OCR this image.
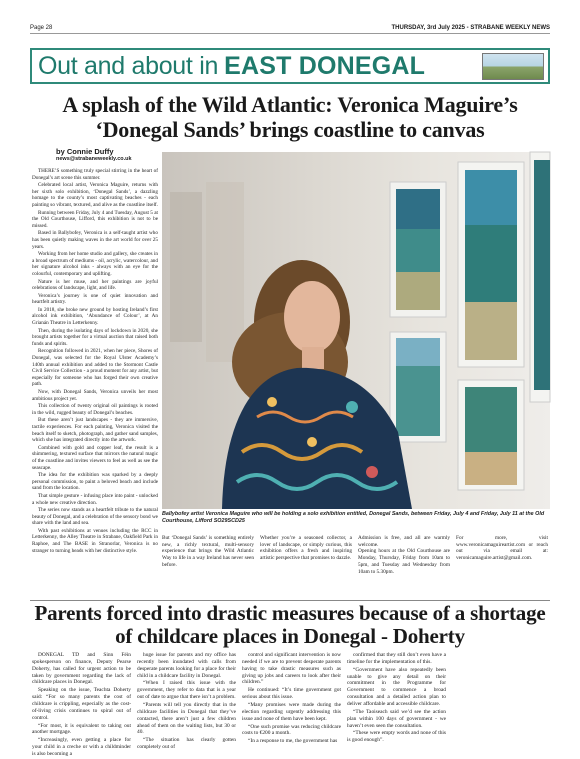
Page 28	THURSDAY, 3rd July 2025 - STRABANE WEEKLY NEWS
Out and about in EAST DONEGAL
A splash of the Wild Atlantic: Veronica Maguire’s ‘Donegal Sands’ brings coastline to canvas
by Connie Duffy
news@strabaneweekly.co.uk

THERE’S something truly special stirring in the heart of Donegal’s art scene this summer.

Celebrated local artist, Veronica Maguire, returns with her sixth solo exhibition, ‘Donegal Sands’, a dazzling homage to the county’s most captivating beaches - each painting so vibrant, textured, and alive as the coastline itself.

Running between Friday, July 4 and Tuesday, August 5 at the Old Courthouse, Lifford, this exhibition is not to be missed.

Based in Ballybofey, Veronica is a self-taught artist who has been quietly making waves in the art world for over 25 years.

Working from her home studio and gallery, she creates in a broad spectrum of mediums - oil, acrylic, watercolour, and her signature alcohol inks - always with an eye for the colourful, contemporary and uplifting.

Nature is her muse, and her paintings are joyful celebrations of landscape, light, and life.

Veronica’s journey is one of quiet innovation and heartfelt artistry.

In 2018, she broke new ground by hosting Ireland’s first alcohol ink exhibition, ‘Abundance of Colour’, at An Grianán Theatre in Letterkenny.

Then, during the isolating days of lockdown in 2020, she brought artists together for a virtual auction that raised both funds and spirits.

Recognition followed in 2021, when her piece, Shores of Donegal, was selected for the Royal Ulster Academy’s 140th annual exhibition and added to the Stormont Castle Civil Service Collection - a proud moment for any artist, but especially for someone who has forged their own creative path.

Now, with Donegal Sands, Veronica unveils her most ambitious project yet.

This collection of twenty original oil paintings is rooted in the wild, rugged beauty of Donegal’s beaches.

But these aren’t just landscapes - they are immersive, tactile experiences. For each painting, Veronica visited the beach itself to sketch, photograph, and gather sand samples, which she has integrated directly into the artwork.

Combined with gold and copper leaf, the result is a shimmering, textured surface that mirrors the natural magic of the coastline and invites viewers to feel as well as see the seascape.

The idea for the exhibition was sparked by a deeply personal commission, to paint a beloved beach and include sand from the location.

That simple gesture - infusing place into paint - unlocked a whole new creative direction.

The series now stands as a heartfelt tribute to the natural beauty of Donegal, and a celebration of the sensory bond we share with the land and sea.

With past exhibitions at venues including the RCC in Letterkenny, the Alley Theatre in Strabane, Oakfield Park in Raphoe, and The BASE in Stranorlar, Veronica is no stranger to turning heads with her distinctive style.

Ballybofey artist Veronica Maguire who will be holding a solo exhibition entitled, Donegal Sands, between Friday, July 4 and Friday, July 11 at the Old Courthouse, Lifford SO29SCD25

But ‘Donegal Sands’ is something entirely new, a richly textural, multi-sensory experience that brings the Wild Atlantic Way to life in a way Ireland has never seen before.

Whether you’re a seasoned collector, a lover of landscape, or simply curious, this exhibition offers a fresh and inspiring artistic perspective that promises to dazzle.

Admission is free, and all are warmly welcome.

Opening hours at the Old Courthouse are Monday, Thursday, Friday from 10am to 5pm, and Tuesday and Wednesday from 10am to 5.30pm.

For more, visit www.veronicamaguireartist.com or reach out via email at: veronicamaguire.artist@gmail.com.

Parents forced into drastic measures because of a shortage of childcare places in Donegal - Doherty

DONEGAL TD and Sinn Féin spokesperson on finance, Deputy Pearse Doherty, has called for urgent action to be taken by government regarding the lack of childcare places in Donegal.

Speaking on the issue, Teachta Doherty said: “For so many parents the cost of childcare is crippling, especially as the cost-of-living crisis continues to spiral out of control.

“For most, it is equivalent to taking out another mortgage.

“Increasingly, even getting a place for your child in a creche or with a childminder is also becoming a

huge issue for parents and my office has recently been inundated with calls from desperate parents looking for a place for their child in a childcare facility in Donegal.

“When I raised this issue with the government, they refer to data that is a year out of date to argue that there isn’t a problem.

“Parents will tell you directly that in the childcare facilities in Donegal that they’ve contacted, there aren’t just a few children ahead of them on the waiting lists, but 30 or 40.

“The situation has clearly gotten completely out of

control and significant intervention is now needed if we are to prevent desperate parents having to take drastic measures such as giving up jobs and careers to look after their children.”

He continued: “It’s time government got serious about this issue.

“Many promises were made during the election regarding urgently addressing this issue and none of them have been kept.

“One such promise was reducing childcare costs to €200 a month.

“In a response to me, the government has

confirmed that they still don’t even have a timeline for the implementation of this.

“Government have also repeatedly been unable to give any detail on their commitment in the Programme for Government to commence a broad consultation and a detailed action plan to deliver affordable and accessible childcare.

“The Taoiseach said we’d see the action plan within 100 days of government - we haven’t even seen the consultation.

“These were empty words and none of this is good enough”.
